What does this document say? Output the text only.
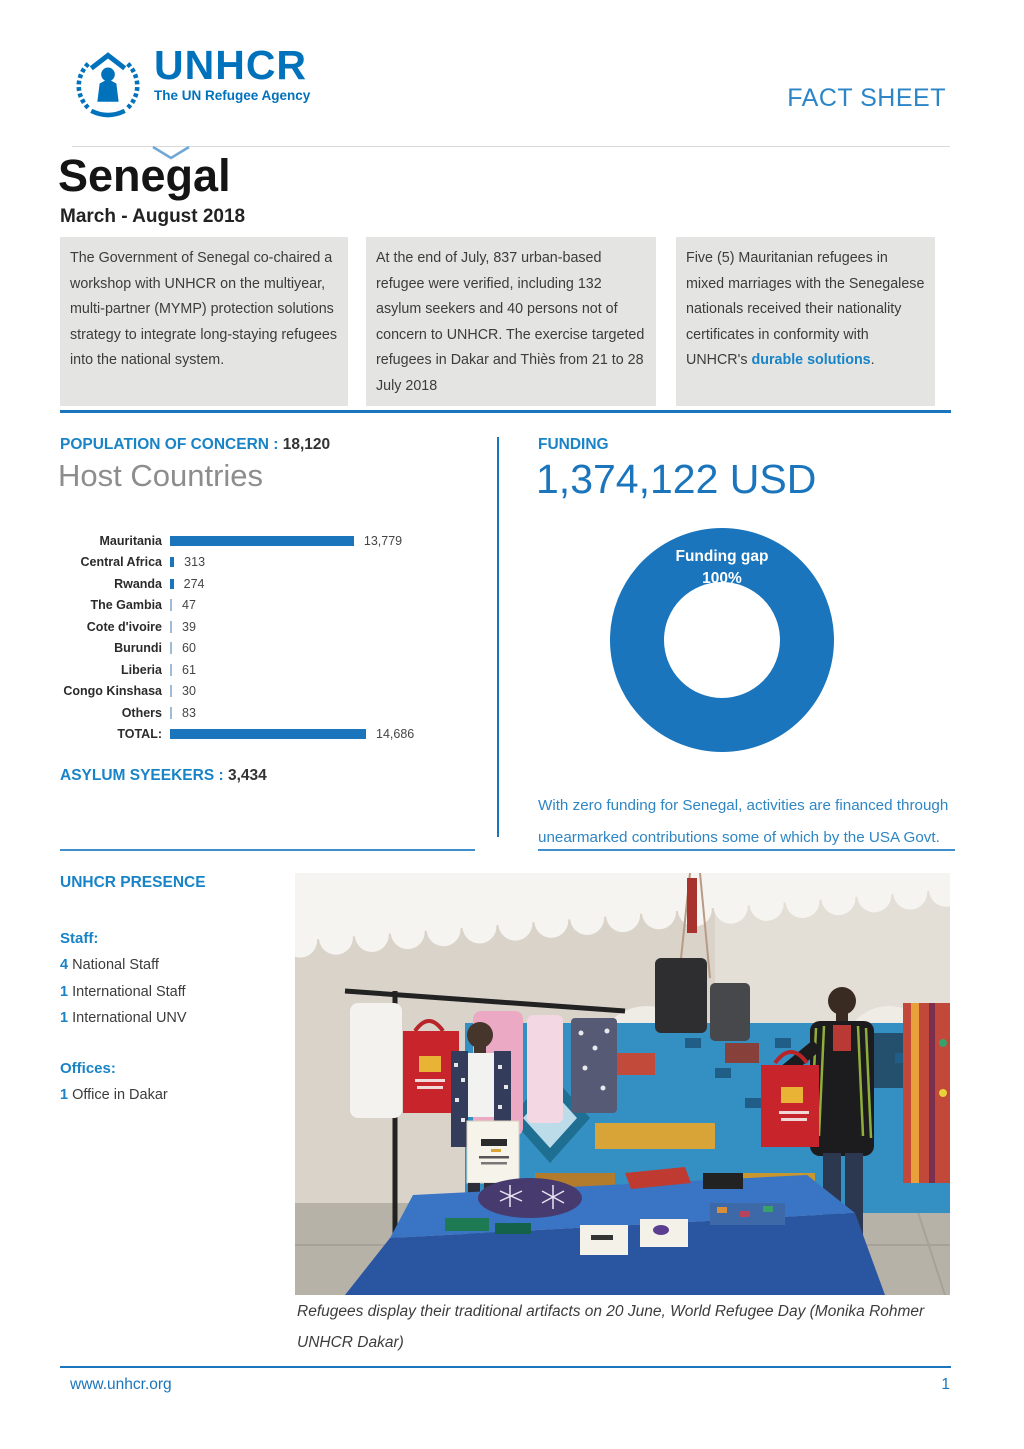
UNHCR
The UN Refugee Agency	FACT SHEET
Senegal
March - August 2018
The Government of Senegal co-chaired a workshop with UNHCR on the multiyear, multi-partner (MYMP) protection solutions strategy to integrate long-staying refugees into the national system.
At the end of July, 837 urban-based refugee were verified, including 132 asylum seekers and 40 persons not of concern to UNHCR. The exercise targeted refugees in Dakar and Thiès from 21 to 28 July 2018
Five (5) Mauritanian refugees in mixed marriages with the Senegalese nationals received their nationality certificates in conformity with UNHCR's durable solutions.
POPULATION OF CONCERN : 18,120
Host Countries
Mauritania	13,779
Central Africa 313
Rwanda 274
The Gambia 47
Cote d'ivoire 39
Burundi 60
Liberia 61
Congo Kinshasa 30
Others 83
TOTAL:	14,686
ASYLUM SYEEKERS : 3,434
FUNDING
1,374,122 USD
Funding gap
100%
With zero funding for Senegal, activities are financed through
unearmarked contributions some of which by the USA Govt.
UNHCR PRESENCE
Staff:
4 National Staff
1 International Staff
1 International UNV
Offices:
1 Office in Dakar
Refugees display their traditional artifacts on 20 June, World Refugee Day (Monika Rohmer UNHCR Dakar)
www.unhcr.org	1
